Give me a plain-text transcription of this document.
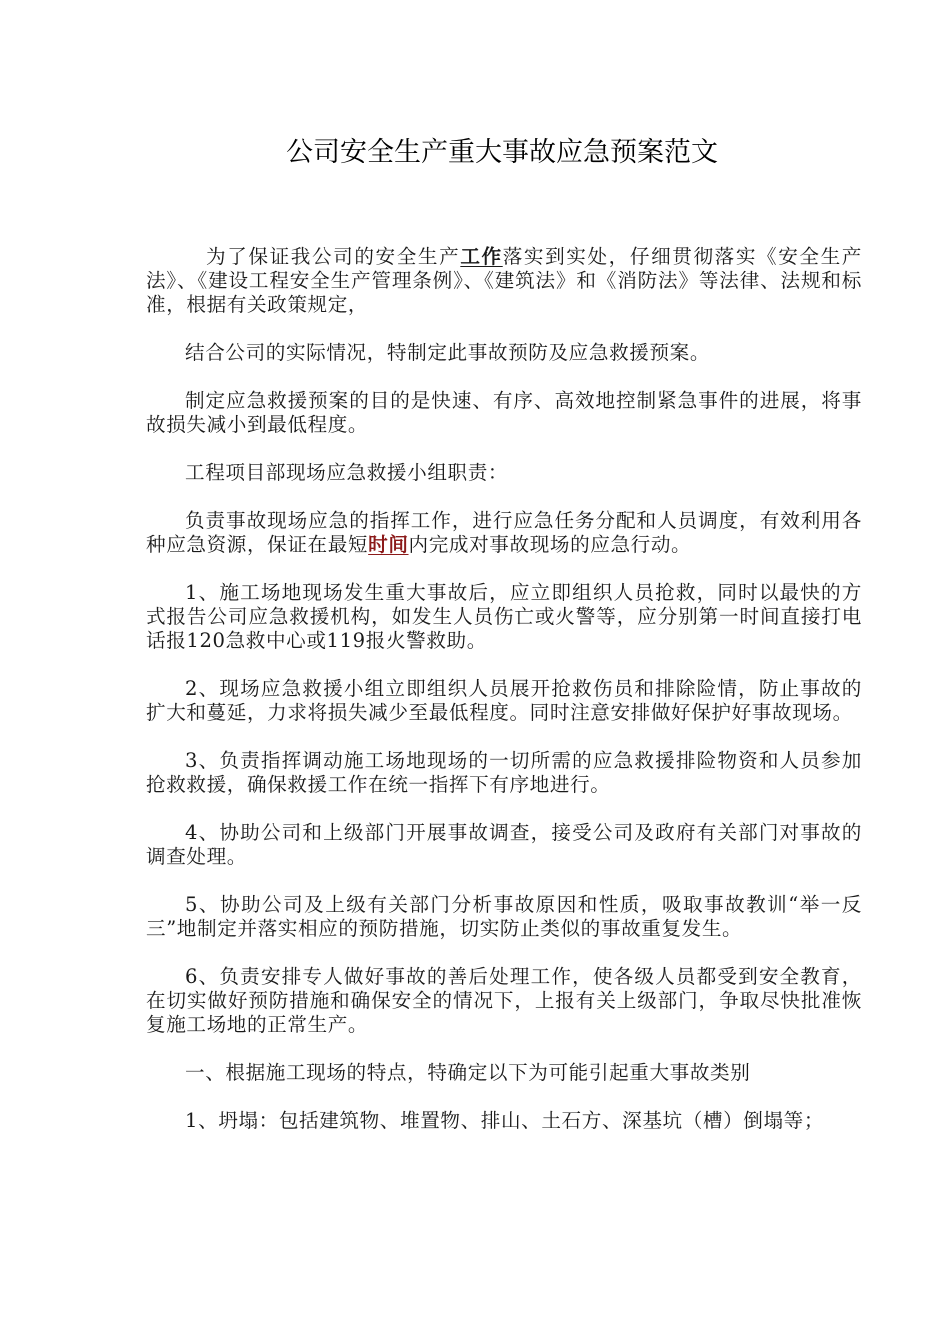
公司安全生产重大事故应急预案范文

为了保证我公司的安全生产工作落实到实处，仔细贯彻落实《安全生产法》、《建设工程安全生产管理条例》、《建筑法》和《消防法》等法律、法规和标准，根据有关政策规定，

结合公司的实际情况，特制定此事故预防及应急救援预案。

制定应急救援预案的目的是快速、有序、高效地控制紧急事件的进展，将事故损失减小到最低程度。

工程项目部现场应急救援小组职责：

负责事故现场应急的指挥工作，进行应急任务分配和人员调度，有效利用各种应急资源，保证在最短时间内完成对事故现场的应急行动。

1、施工场地现场发生重大事故后，应立即组织人员抢救，同时以最快的方式报告公司应急救援机构，如发生人员伤亡或火警等，应分别第一时间直接打电话报120急救中心或119报火警救助。

2、现场应急救援小组立即组织人员展开抢救伤员和排除险情，防止事故的扩大和蔓延，力求将损失减少至最低程度。同时注意安排做好保护好事故现场。

3、负责指挥调动施工场地现场的一切所需的应急救援排险物资和人员参加抢救救援，确保救援工作在统一指挥下有序地进行。

4、协助公司和上级部门开展事故调查，接受公司及政府有关部门对事故的调查处理。

5、协助公司及上级有关部门分析事故原因和性质，吸取事故教训“举一反三”地制定并落实相应的预防措施，切实防止类似的事故重复发生。

6、负责安排专人做好事故的善后处理工作，使各级人员都受到安全教育，在切实做好预防措施和确保安全的情况下，上报有关上级部门，争取尽快批准恢复施工场地的正常生产。

一、根据施工现场的特点，特确定以下为可能引起重大事故类别

1、坍塌：包括建筑物、堆置物、排山、土石方、深基坑（槽）倒塌等；
